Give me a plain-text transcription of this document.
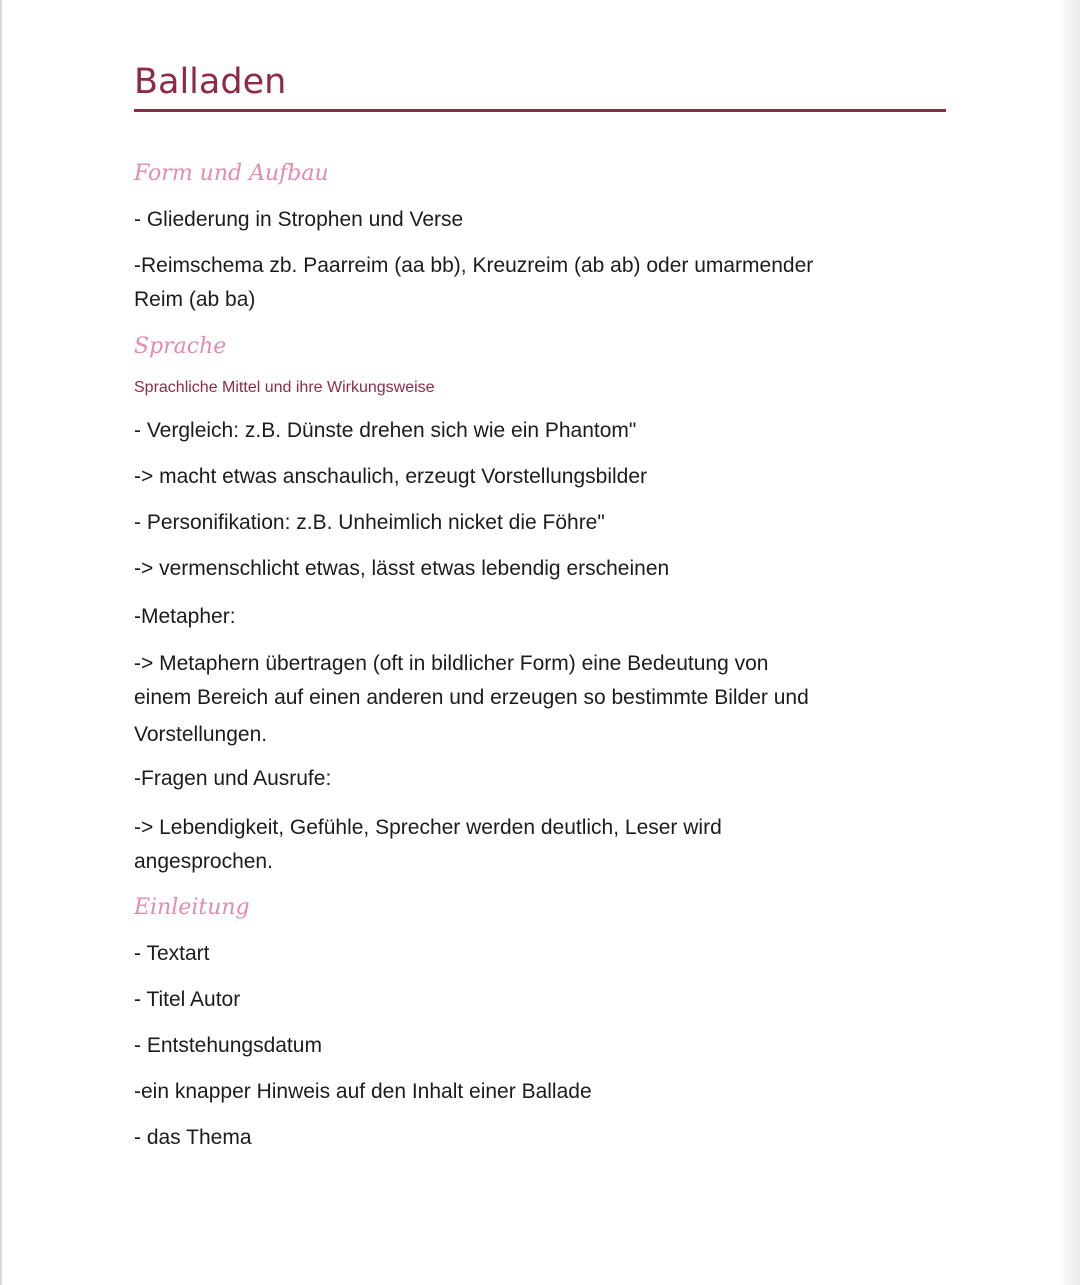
Balladen

Form und Aufbau

- Gliederung in Strophen und Verse

-Reimschema zb. Paarreim (aa bb), Kreuzreim (ab ab) oder umarmender

Reim (ab ba)

Sprache

Sprachliche Mittel und ihre Wirkungsweise

- Vergleich: z.B. Dünste drehen sich wie ein Phantom"

-> macht etwas anschaulich, erzeugt Vorstellungsbilder

- Personifikation: z.B. Unheimlich nicket die Föhre"

-> vermenschlicht etwas, lässt etwas lebendig erscheinen

-Metapher:

-> Metaphern übertragen (oft in bildlicher Form) eine Bedeutung von

einem Bereich auf einen anderen und erzeugen so bestimmte Bilder und

Vorstellungen.

-Fragen und Ausrufe:

-> Lebendigkeit, Gefühle, Sprecher werden deutlich, Leser wird

angesprochen.

Einleitung

- Textart

- Titel Autor

- Entstehungsdatum

-ein knapper Hinweis auf den Inhalt einer Ballade

- das Thema
